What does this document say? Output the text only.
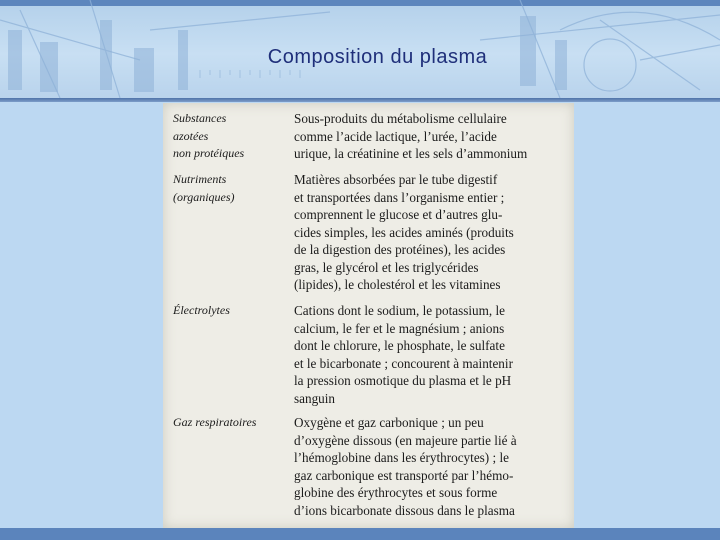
Composition du plasma
Substances
azotées
non protéiques
Sous-produits du métabolisme cellulaire
comme l’acide lactique, l’urée, l’acide
urique, la créatinine et les sels d’ammonium
Nutriments
(organiques)
Matières absorbées par le tube digestif
et transportées dans l’organisme entier ;
comprennent le glucose et d’autres glu-
cides simples, les acides aminés (produits
de la digestion des protéines), les acides
gras, le glycérol et les triglycérides
(lipides), le cholestérol et les vitamines
Électrolytes	Cations dont le sodium, le potassium, le
calcium, le fer et le magnésium ; anions
dont le chlorure, le phosphate, le sulfate
et le bicarbonate ; concourent à maintenir
la pression osmotique du plasma et le pH
sanguin
Gaz respiratoires	Oxygène et gaz carbonique ; un peu
d’oxygène dissous (en majeure partie lié à
l’hémoglobine dans les érythrocytes) ; le
gaz carbonique est transporté par l’hémo-
globine des érythrocytes et sous forme
d’ions bicarbonate dissous dans le plasma
